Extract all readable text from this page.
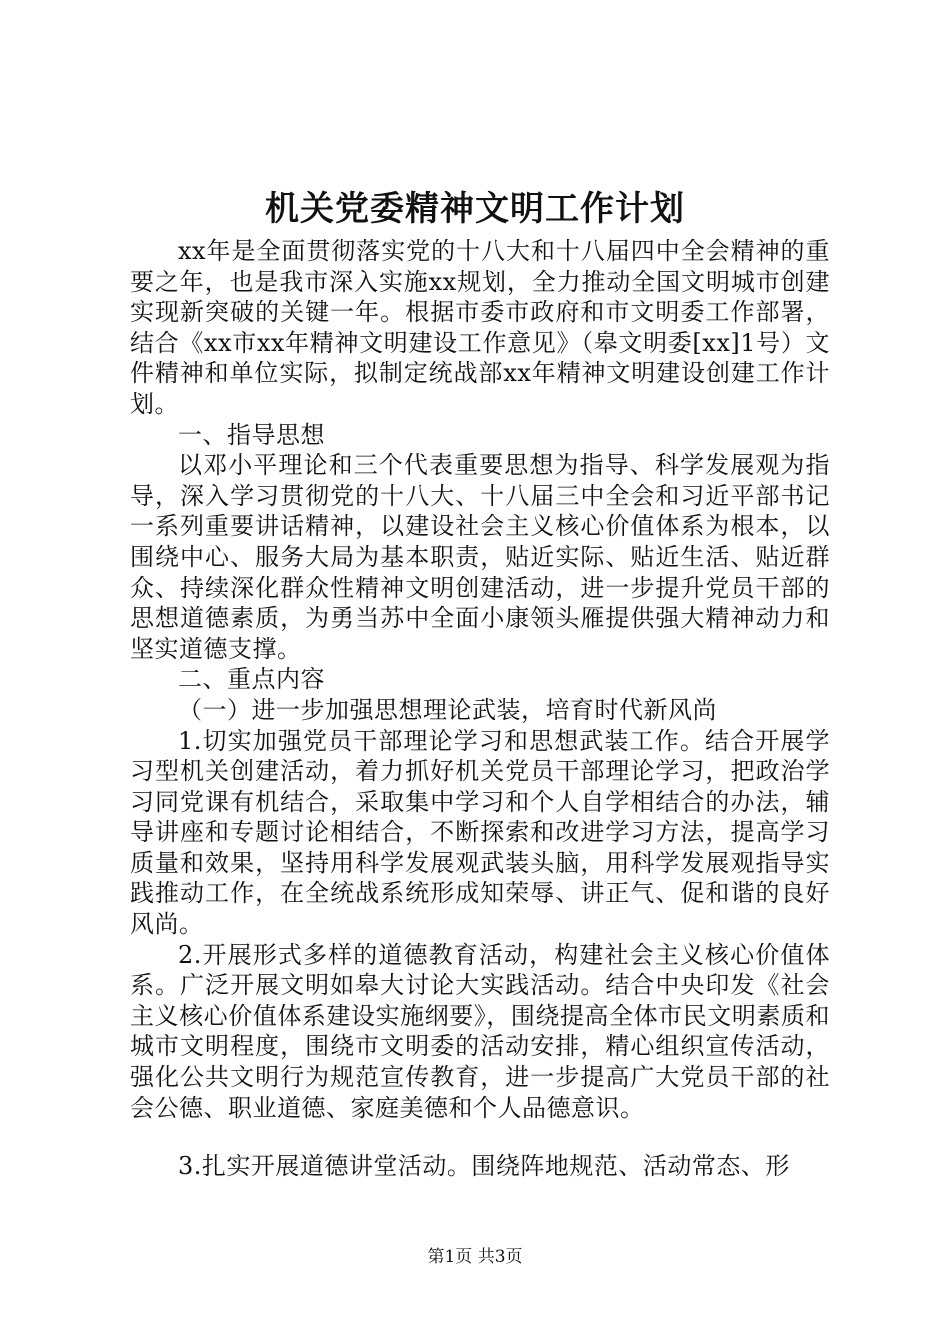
机关党委精神文明工作计划

xx年是全面贯彻落实党的十八大和十八届四中全会精神的重要之年，也是我市深入实施xx规划，全力推动全国文明城市创建实现新突破的关键一年。根据市委市政府和市文明委工作部署，结合《xx市xx年精神文明建设工作意见》（皋文明委[xx]1号）文件精神和单位实际，拟制定统战部xx年精神文明建设创建工作计划。

一、指导思想

以邓小平理论和三个代表重要思想为指导、科学发展观为指导，深入学习贯彻党的十八大、十八届三中全会和习近平部书记一系列重要讲话精神，以建设社会主义核心价值体系为根本，以围绕中心、服务大局为基本职责，贴近实际、贴近生活、贴近群众、持续深化群众性精神文明创建活动，进一步提升党员干部的思想道德素质，为勇当苏中全面小康领头雁提供强大精神动力和坚实道德支撑。

二、重点内容

（一）进一步加强思想理论武装，培育时代新风尚

1.切实加强党员干部理论学习和思想武装工作。结合开展学习型机关创建活动，着力抓好机关党员干部理论学习，把政治学习同党课有机结合，采取集中学习和个人自学相结合的办法，辅导讲座和专题讨论相结合，不断探索和改进学习方法，提高学习质量和效果，坚持用科学发展观武装头脑，用科学发展观指导实践推动工作，在全统战系统形成知荣辱、讲正气、促和谐的良好风尚。

2.开展形式多样的道德教育活动，构建社会主义核心价值体系。广泛开展文明如皋大讨论大实践活动。结合中央印发《社会主义核心价值体系建设实施纲要》，围绕提高全体市民文明素质和城市文明程度，围绕市文明委的活动安排，精心组织宣传活动，强化公共文明行为规范宣传教育，进一步提高广大党员干部的社会公德、职业道德、家庭美德和个人品德意识。

3.扎实开展道德讲堂活动。围绕阵地规范、活动常态、形

第1页 共3页
